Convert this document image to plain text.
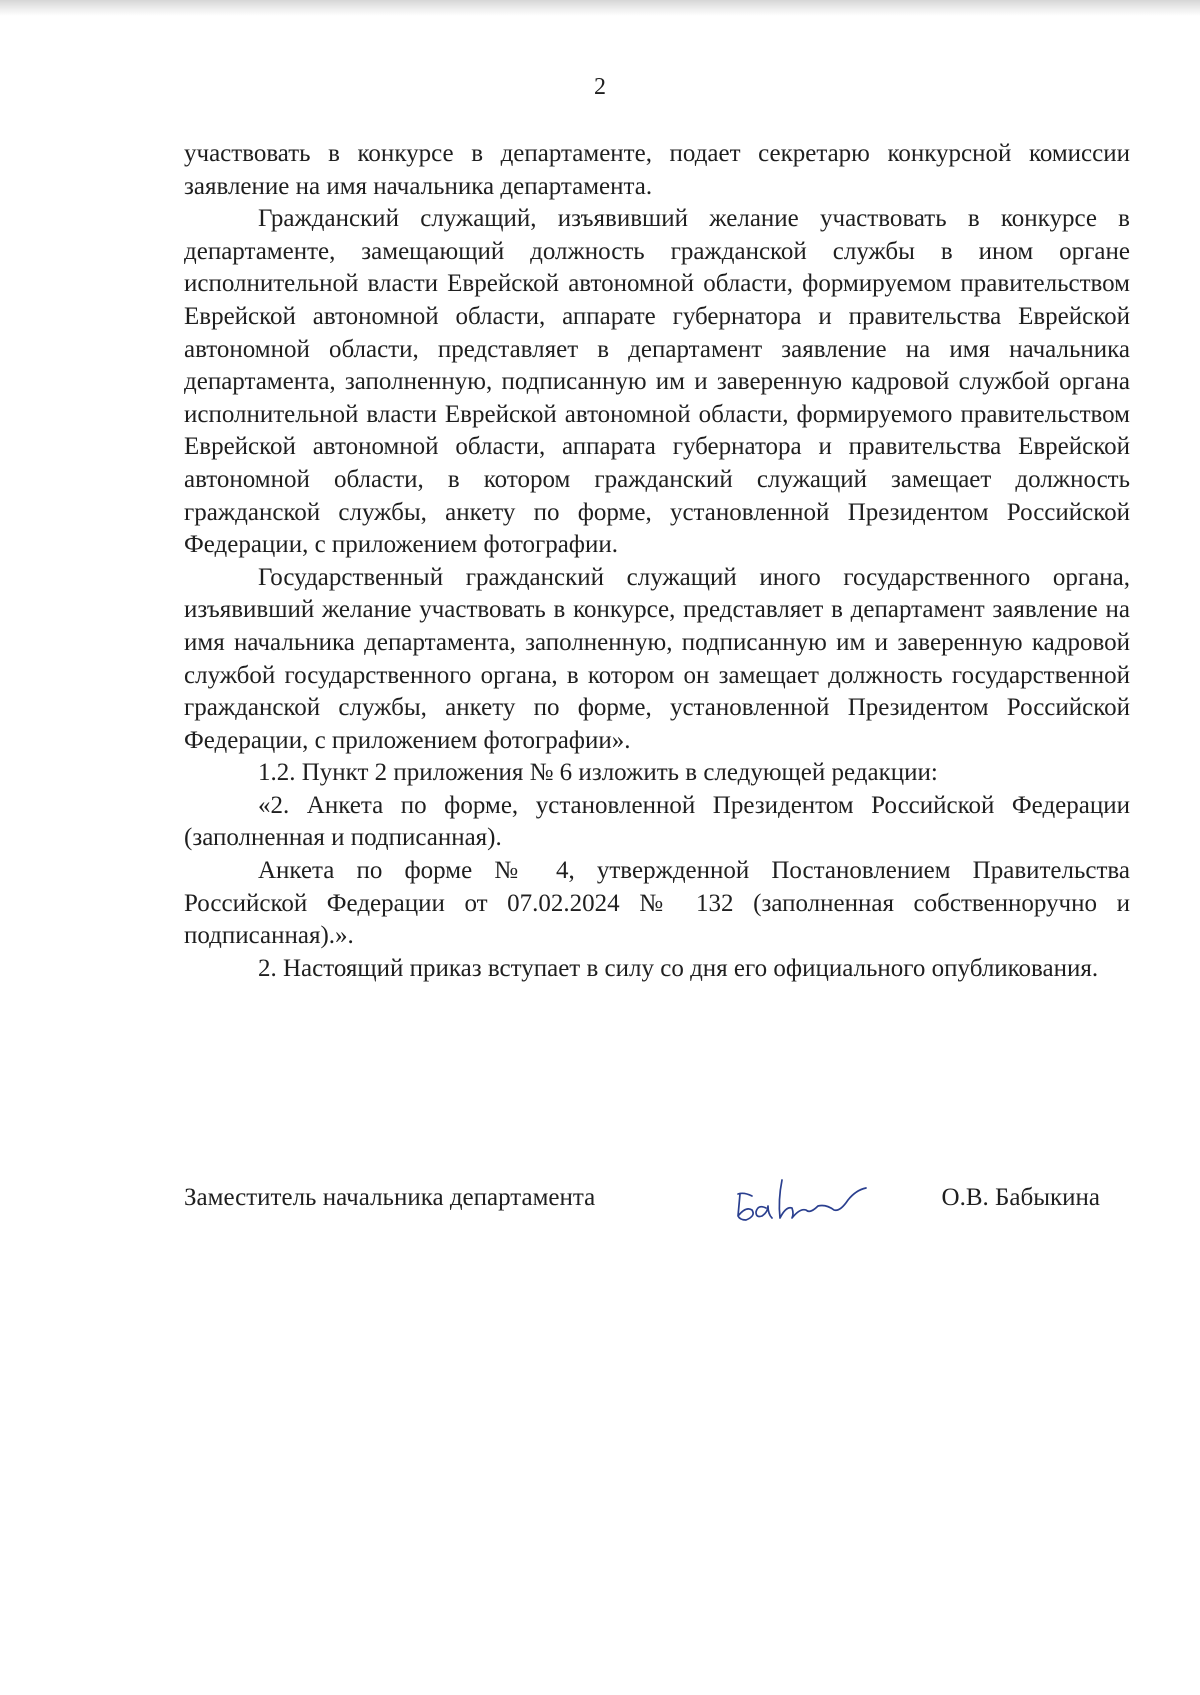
2

участвовать в конкурсе в департаменте, подает секретарю конкурсной комиссии заявление на имя начальника департамента.

Гражданский служащий, изъявивший желание участвовать в конкурсе в департаменте, замещающий должность гражданской службы в ином органе исполнительной власти Еврейской автономной области, формируемом правительством Еврейской автономной области, аппарате губернатора и правительства Еврейской автономной области, представляет в департамент заявление на имя начальника департамента, заполненную, подписанную им и заверенную кадровой службой органа исполнительной власти Еврейской автономной области, формируемого правительством Еврейской автономной области, аппарата губернатора и правительства Еврейской автономной области, в котором гражданский служащий замещает должность гражданской службы, анкету по форме, установленной Президентом Российской Федерации, с приложением фотографии.

Государственный гражданский служащий иного государственного органа, изъявивший желание участвовать в конкурсе, представляет в департамент заявление на имя начальника департамента, заполненную, подписанную им и заверенную кадровой службой государственного органа, в котором он замещает должность государственной гражданской службы, анкету по форме, установленной Президентом Российской Федерации, с приложением фотографии».

1.2. Пункт 2 приложения № 6 изложить в следующей редакции:

«2. Анкета по форме, установленной Президентом Российской Федерации (заполненная и подписанная).

Анкета по форме № 4, утвержденной Постановлением Правительства Российской Федерации от 07.02.2024 № 132 (заполненная собственноручно и подписанная).».

2. Настоящий приказ вступает в силу со дня его официального опубликования.

Заместитель начальника департамента	О.В. Бабыкина
